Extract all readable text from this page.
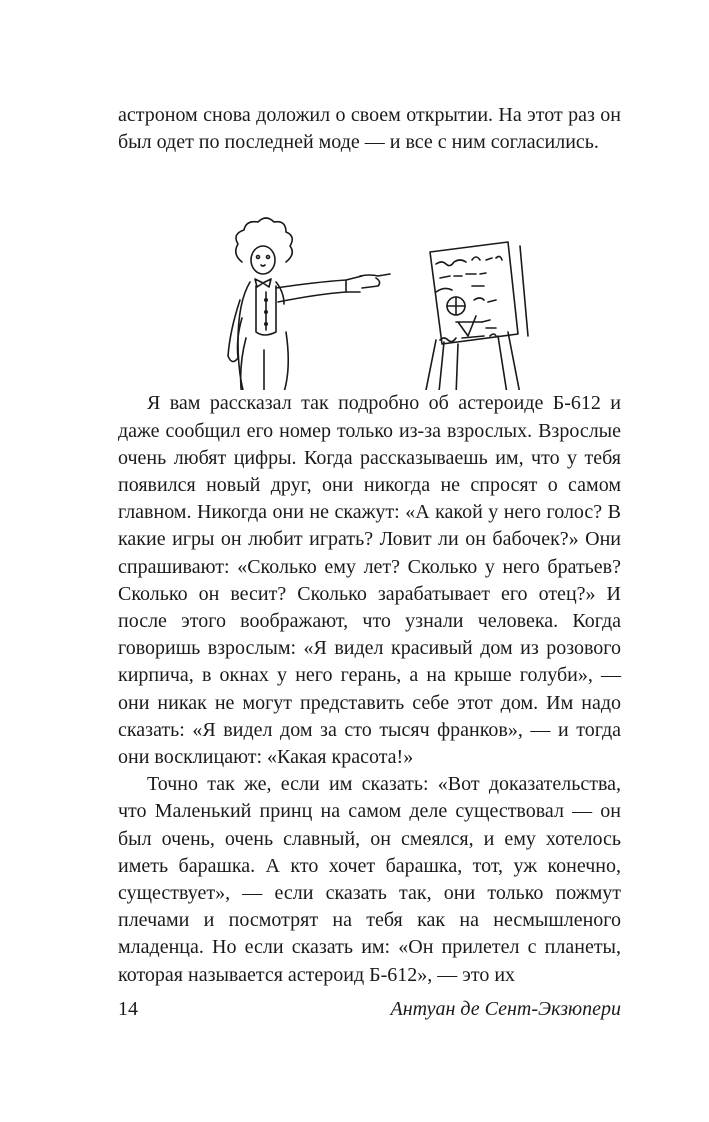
астроном снова доложил о своем открытии. На этот раз он был одет по последней моде — и все с ним согласились.

Я вам рассказал так подробно об астероиде Б-612 и даже сообщил его номер только из-за взрослых. Взрослые очень любят цифры. Когда рассказываешь им, что у тебя появился новый друг, они никогда не спросят о самом главном. Никогда они не скажут: «А какой у него голос? В какие игры он любит играть? Ловит ли он бабочек?» Они спрашивают: «Сколько ему лет? Сколько у него братьев? Сколько он весит? Сколько зарабатывает его отец?» И после этого воображают, что узнали человека. Когда говоришь взрослым: «Я видел красивый дом из розового кирпича, в окнах у него герань, а на крыше голуби», — они никак не могут представить себе этот дом. Им надо сказать: «Я видел дом за сто тысяч франков», — и тогда они восклицают: «Какая красота!»

Точно так же, если им сказать: «Вот доказательства, что Маленький принц на самом деле существовал — он был очень, очень славный, он смеялся, и ему хотелось иметь барашка. А кто хочет барашка, тот, уж конечно, существует», — если сказать так, они только пожмут плечами и посмотрят на тебя как на несмышленого младенца. Но если сказать им: «Он прилетел с планеты, которая называется астероид Б-612», — это их

14	Антуан де Сент-Экзюпери
